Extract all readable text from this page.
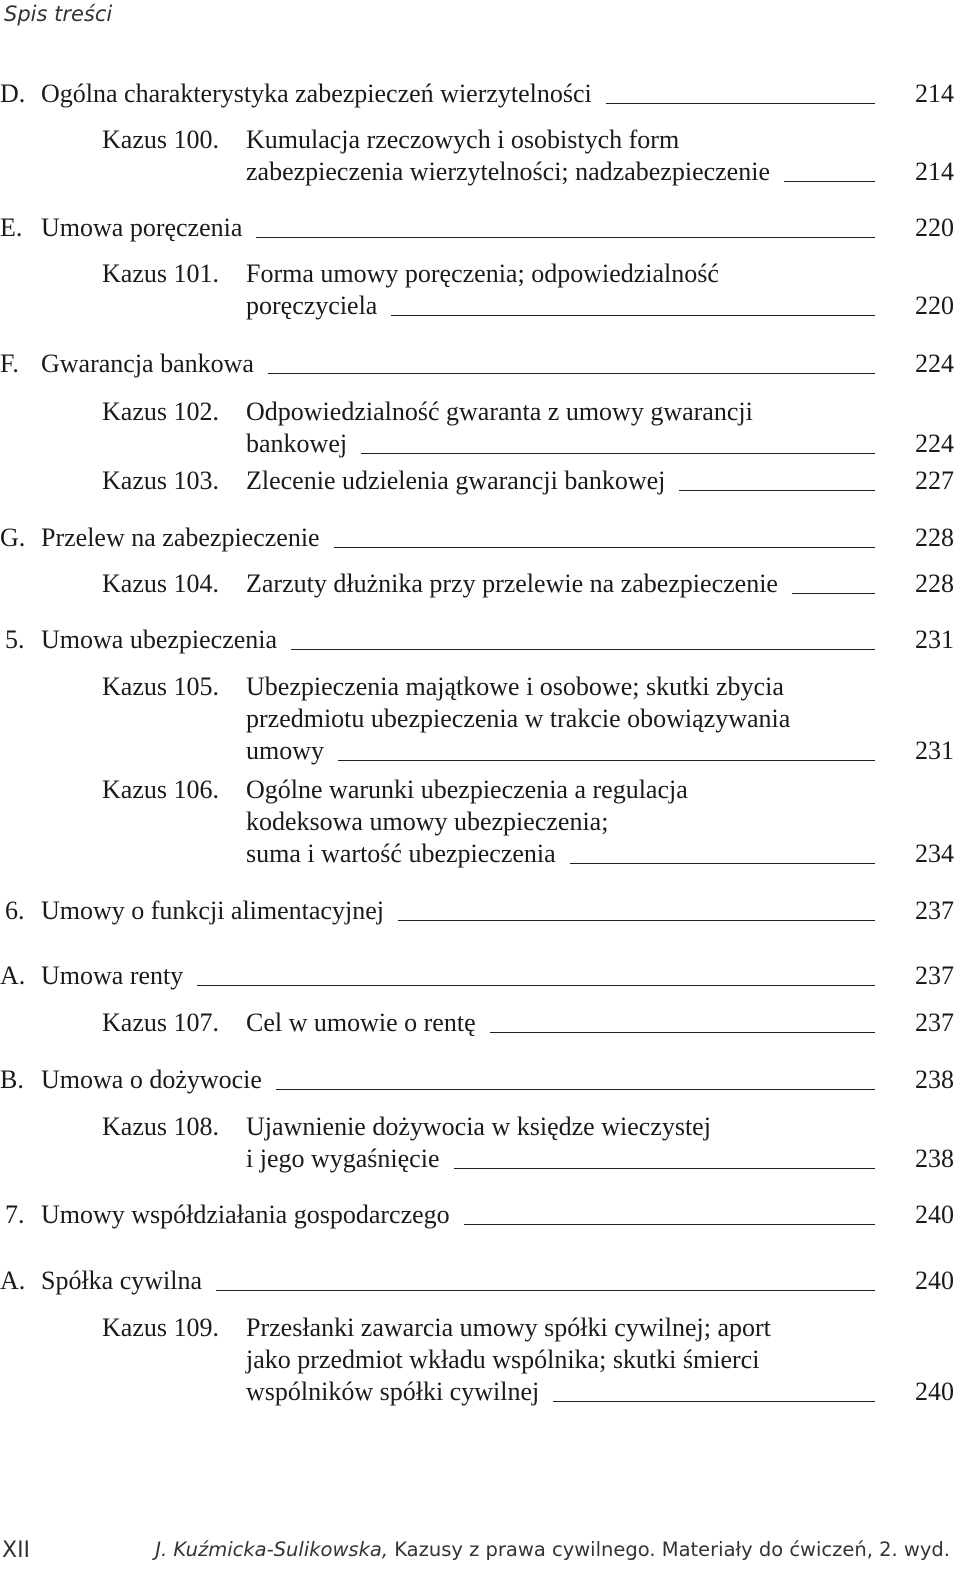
Spis treści
D. Ogólna charakterystyka zabezpieczeń wierzytelności	214
Kazus 100. Kumulacja rzeczowych i osobistych form
zabezpieczenia wierzytelności; nadzabezpieczenie	214
E. Umowa poręczenia	220
Kazus 101. Forma umowy poręczenia; odpowiedzialność
poręczyciela	220
F. Gwarancja bankowa	224
Kazus 102. Odpowiedzialność gwaranta z umowy gwarancji
bankowej	224
Kazus 103. Zlecenie udzielenia gwarancji bankowej	227
G. Przelew na zabezpieczenie	228
Kazus 104. Zarzuty dłużnika przy przelewie na zabezpieczenie	228
5. Umowa ubezpieczenia	231
Kazus 105. Ubezpieczenia majątkowe i osobowe; skutki zbycia
przedmiotu ubezpieczenia w trakcie obowiązywania
umowy	231
Kazus 106. Ogólne warunki ubezpieczenia a regulacja
kodeksowa umowy ubezpieczenia;
suma i wartość ubezpieczenia	234
6. Umowy o funkcji alimentacyjnej	237
A. Umowa renty	237
Kazus 107. Cel w umowie o rentę	237
B. Umowa o dożywocie	238
Kazus 108. Ujawnienie dożywocia w księdze wieczystej
i jego wygaśnięcie	238
7. Umowy współdziałania gospodarczego	240
A. Spółka cywilna	240
Kazus 109. Przesłanki zawarcia umowy spółki cywilnej; aport
jako przedmiot wkładu wspólnika; skutki śmierci
wspólników spółki cywilnej	240
XII	J. Kuźmicka-Sulikowska, Kazusy z prawa cywilnego. Materiały do ćwiczeń, 2. wyd.
